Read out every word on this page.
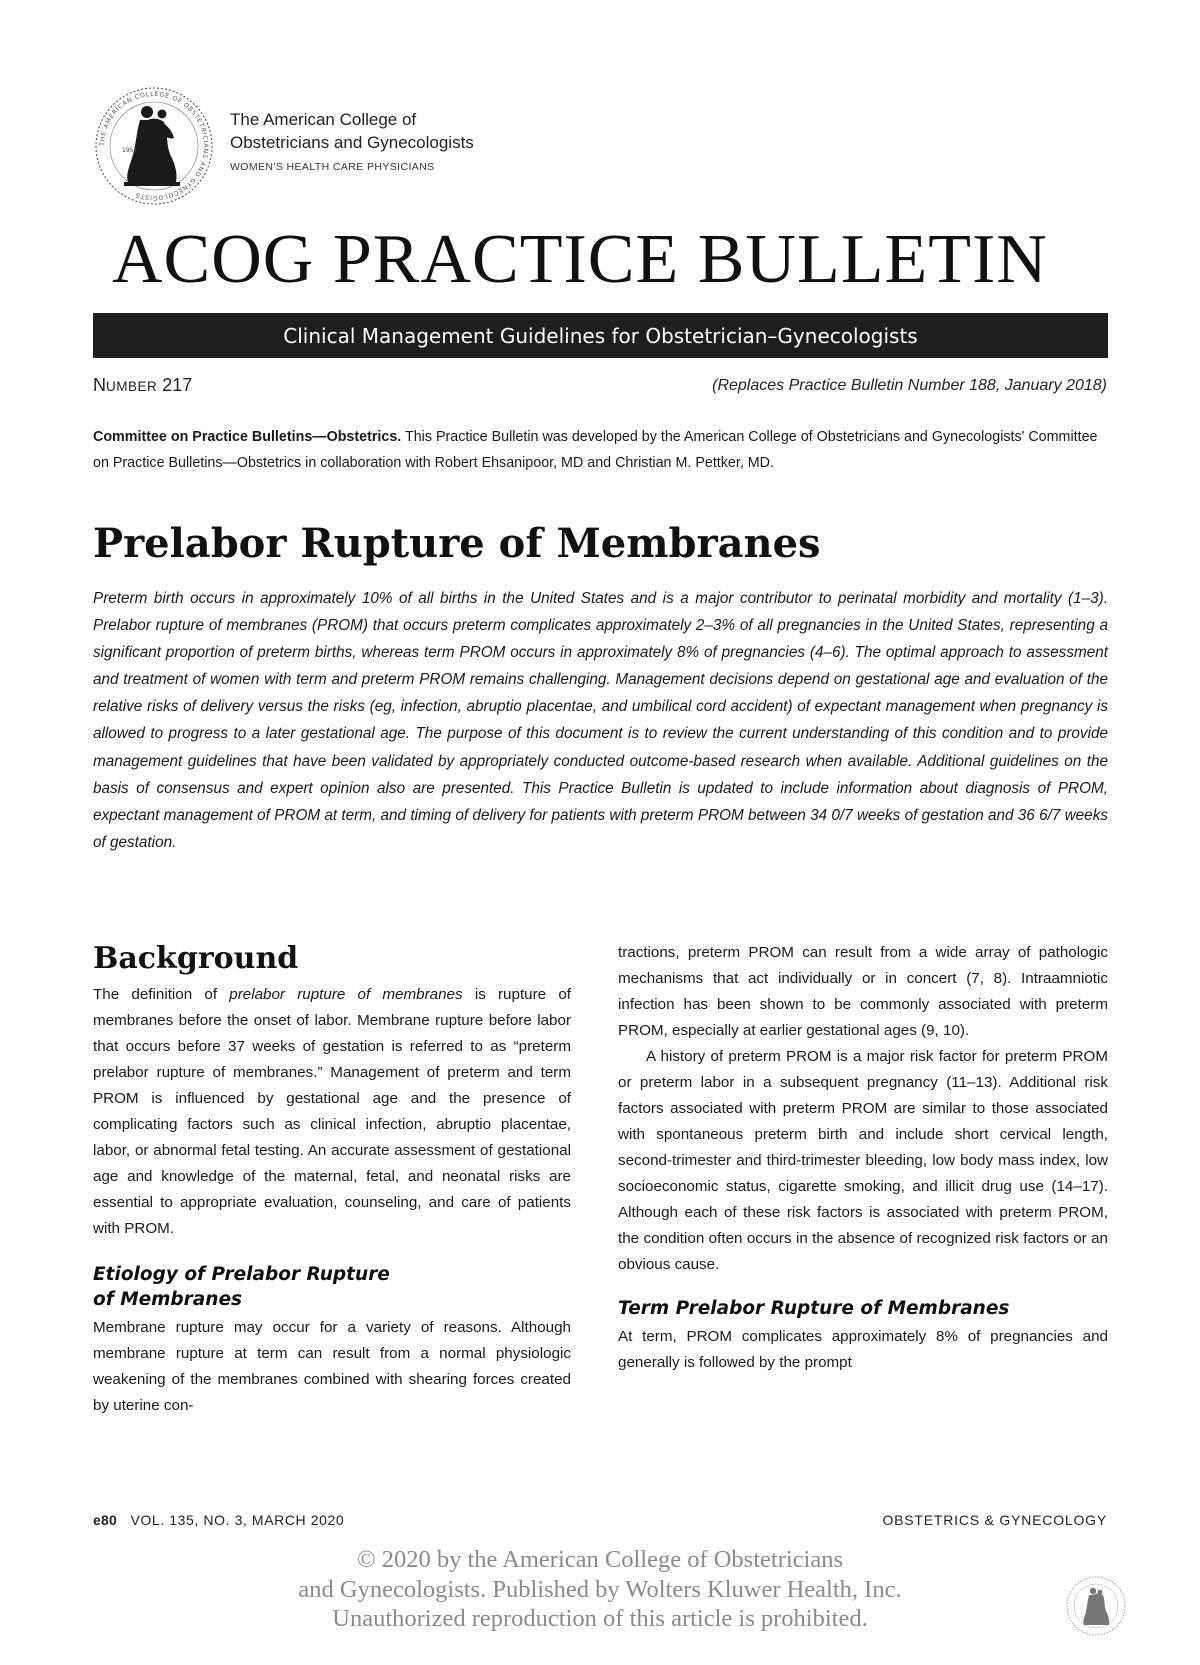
THE AMERICAN COLLEGE OF OBSTETRICIANS AND GYNECOLOGISTS
1951
The American College of
Obstetricians and Gynecologists
WOMEN'S HEALTH CARE PHYSICIANS
ACOG PRACTICE BULLETIN
Clinical Management Guidelines for Obstetrician–Gynecologists
NUMBER 217	(Replaces Practice Bulletin Number 188, January 2018)
Committee on Practice Bulletins—Obstetrics. This Practice Bulletin was developed by the American College of Obstetricians and Gynecologists' Committee on Practice Bulletins—Obstetrics in collaboration with Robert Ehsanipoor, MD and Christian M. Pettker, MD.
Prelabor Rupture of Membranes
Preterm birth occurs in approximately 10% of all births in the United States and is a major contributor to perinatal morbidity and mortality (1–3). Prelabor rupture of membranes (PROM) that occurs preterm complicates approximately 2–3% of all pregnancies in the United States, representing a significant proportion of preterm births, whereas term PROM occurs in approximately 8% of pregnancies (4–6). The optimal approach to assessment and treatment of women with term and preterm PROM remains challenging. Management decisions depend on gestational age and evaluation of the relative risks of delivery versus the risks (eg, infection, abruptio placentae, and umbilical cord accident) of expectant management when pregnancy is allowed to progress to a later gestational age. The purpose of this document is to review the current understanding of this condition and to provide management guidelines that have been validated by appropriately conducted outcome-based research when available. Additional guidelines on the basis of consensus and expert opinion also are presented. This Practice Bulletin is updated to include information about diagnosis of PROM, expectant management of PROM at term, and timing of delivery for patients with preterm PROM between 34 0/7 weeks of gestation and 36 6/7 weeks of gestation.
Background

The definition of prelabor rupture of membranes is rupture of membranes before the onset of labor. Membrane rupture before labor that occurs before 37 weeks of gestation is referred to as “preterm prelabor rupture of membranes.” Management of preterm and term PROM is influenced by gestational age and the presence of complicating factors such as clinical infection, abruptio placentae, labor, or abnormal fetal testing. An accurate assessment of gestational age and knowledge of the maternal, fetal, and neonatal risks are essential to appropriate evaluation, counseling, and care of patients with PROM.

Etiology of Prelabor Rupture
of Membranes

Membrane rupture may occur for a variety of reasons. Although membrane rupture at term can result from a normal physiologic weakening of the membranes combined with shearing forces created by uterine con-

tractions, preterm PROM can result from a wide array of pathologic mechanisms that act individually or in concert (7, 8). Intraamniotic infection has been shown to be commonly associated with preterm PROM, especially at earlier gestational ages (9, 10).

A history of preterm PROM is a major risk factor for preterm PROM or preterm labor in a subsequent pregnancy (11–13). Additional risk factors associated with preterm PROM are similar to those associated with spontaneous preterm birth and include short cervical length, second-trimester and third-trimester bleeding, low body mass index, low socioeconomic status, cigarette smoking, and illicit drug use (14–17). Although each of these risk factors is associated with preterm PROM, the condition often occurs in the absence of recognized risk factors or an obvious cause.

Term Prelabor Rupture of Membranes

At term, PROM complicates approximately 8% of pregnancies and generally is followed by the prompt

e80 VOL. 135, NO. 3, MARCH 2020	OBSTETRICS & GYNECOLOGY
© 2020 by the American College of Obstetricians
and Gynecologists. Published by Wolters Kluwer Health, Inc.
Unauthorized reproduction of this article is prohibited.
